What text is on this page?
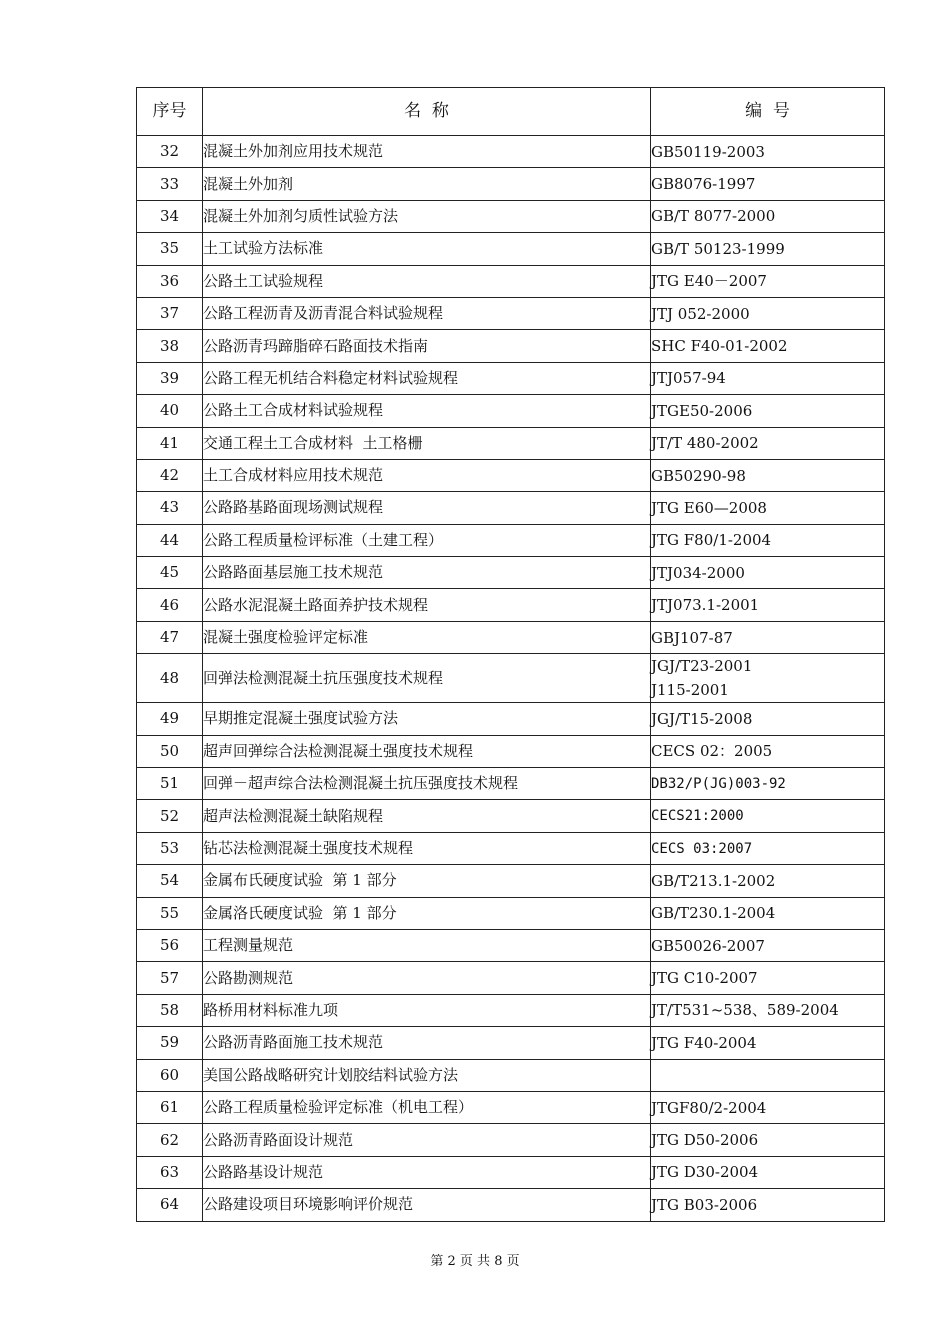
序号	名  称	编  号
32	混凝土外加剂应用技术规范	GB50119-2003

33	混凝土外加剂	GB8076-1997

34	混凝土外加剂匀质性试验方法	GB/T 8077-2000

35	土工试验方法标准	GB/T 50123-1999

36	公路土工试验规程	JTG E40－2007

37	公路工程沥青及沥青混合料试验规程	JTJ 052-2000

38	公路沥青玛蹄脂碎石路面技术指南	SHC F40-01-2002

39	公路工程无机结合料稳定材料试验规程	JTJ057-94

40	公路土工合成材料试验规程	JTGE50-2006

41	交通工程土工合成材料  土工格栅	JT/T 480-2002

42	土工合成材料应用技术规范	GB50290-98

43	公路路基路面现场测试规程	JTG E60—2008

44	公路工程质量检评标准（土建工程）	JTG F80/1-2004

45	公路路面基层施工技术规范	JTJ034-2000

46	公路水泥混凝土路面养护技术规程	JTJ073.1-2001

47	混凝土强度检验评定标准	GBJ107-87

48	回弹法检测混凝土抗压强度技术规程	JGJ/T23-2001
J115-2001

49	早期推定混凝土强度试验方法	JGJ/T15-2008

50	超声回弹综合法检测混凝土强度技术规程	CECS 02：2005

51	回弹－超声综合法检测混凝土抗压强度技术规程	DB32/P(JG)003-92

52	超声法检测混凝土缺陷规程	CECS21:2000

53	钻芯法检测混凝土强度技术规程	CECS 03:2007

54	金属布氏硬度试验  第 1 部分	GB/T213.1-2002

55	金属洛氏硬度试验  第 1 部分	GB/T230.1-2004

56	工程测量规范	GB50026-2007

57	公路勘测规范	JTG C10-2007

58	路桥用材料标准九项	JT/T531~538、589-2004

59	公路沥青路面施工技术规范	JTG F40-2004

60	美国公路战略研究计划胶结料试验方法	

61	公路工程质量检验评定标准（机电工程）	JTGF80/2-2004

62	公路沥青路面设计规范	JTG D50-2006

63	公路路基设计规范	JTG D30-2004

64	公路建设项目环境影响评价规范	JTG B03-2006
第 2 页 共 8 页
